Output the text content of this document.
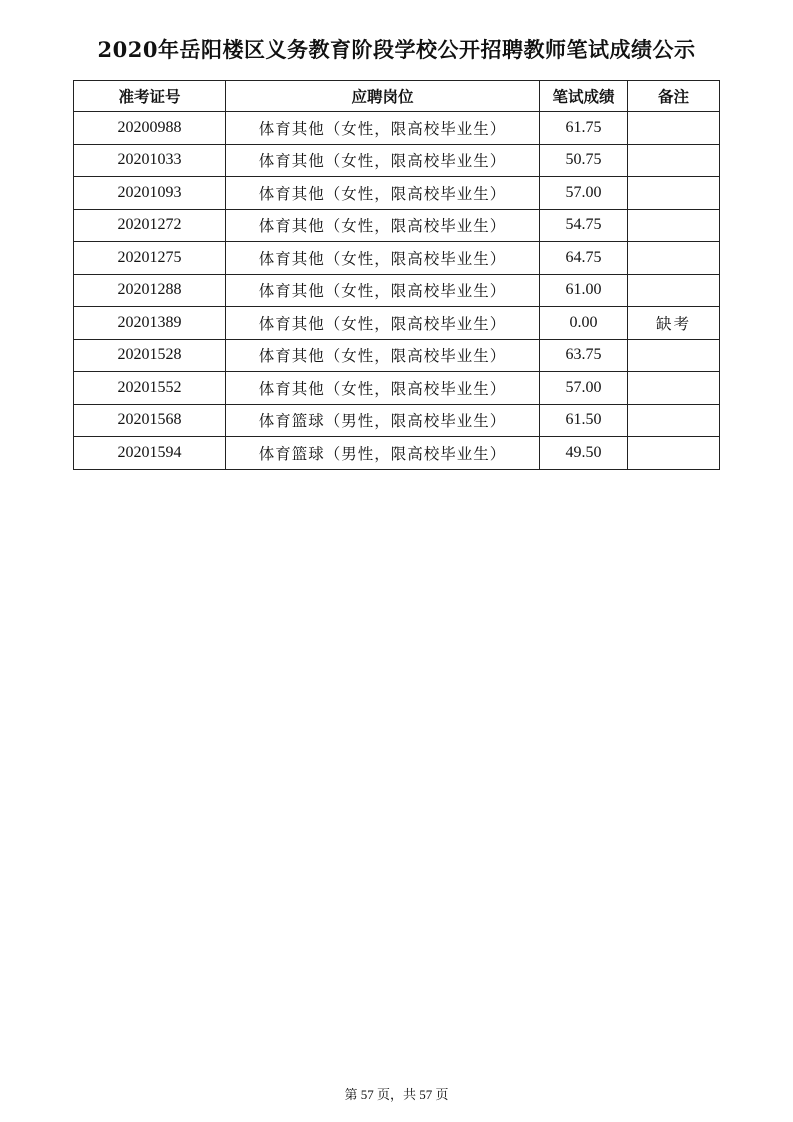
2020年岳阳楼区义务教育阶段学校公开招聘教师笔试成绩公示
准考证号	应聘岗位	笔试成绩	备注
20200988	体育其他（女性，限高校毕业生）	61.75	
20201033	体育其他（女性，限高校毕业生）	50.75	
20201093	体育其他（女性，限高校毕业生）	57.00	
20201272	体育其他（女性，限高校毕业生）	54.75	
20201275	体育其他（女性，限高校毕业生）	64.75	
20201288	体育其他（女性，限高校毕业生）	61.00	
20201389	体育其他（女性，限高校毕业生）	0.00	缺考
20201528	体育其他（女性，限高校毕业生）	63.75	
20201552	体育其他（女性，限高校毕业生）	57.00	
20201568	体育篮球（男性，限高校毕业生）	61.50	
20201594	体育篮球（男性，限高校毕业生）	49.50	
第 57 页，共 57 页
